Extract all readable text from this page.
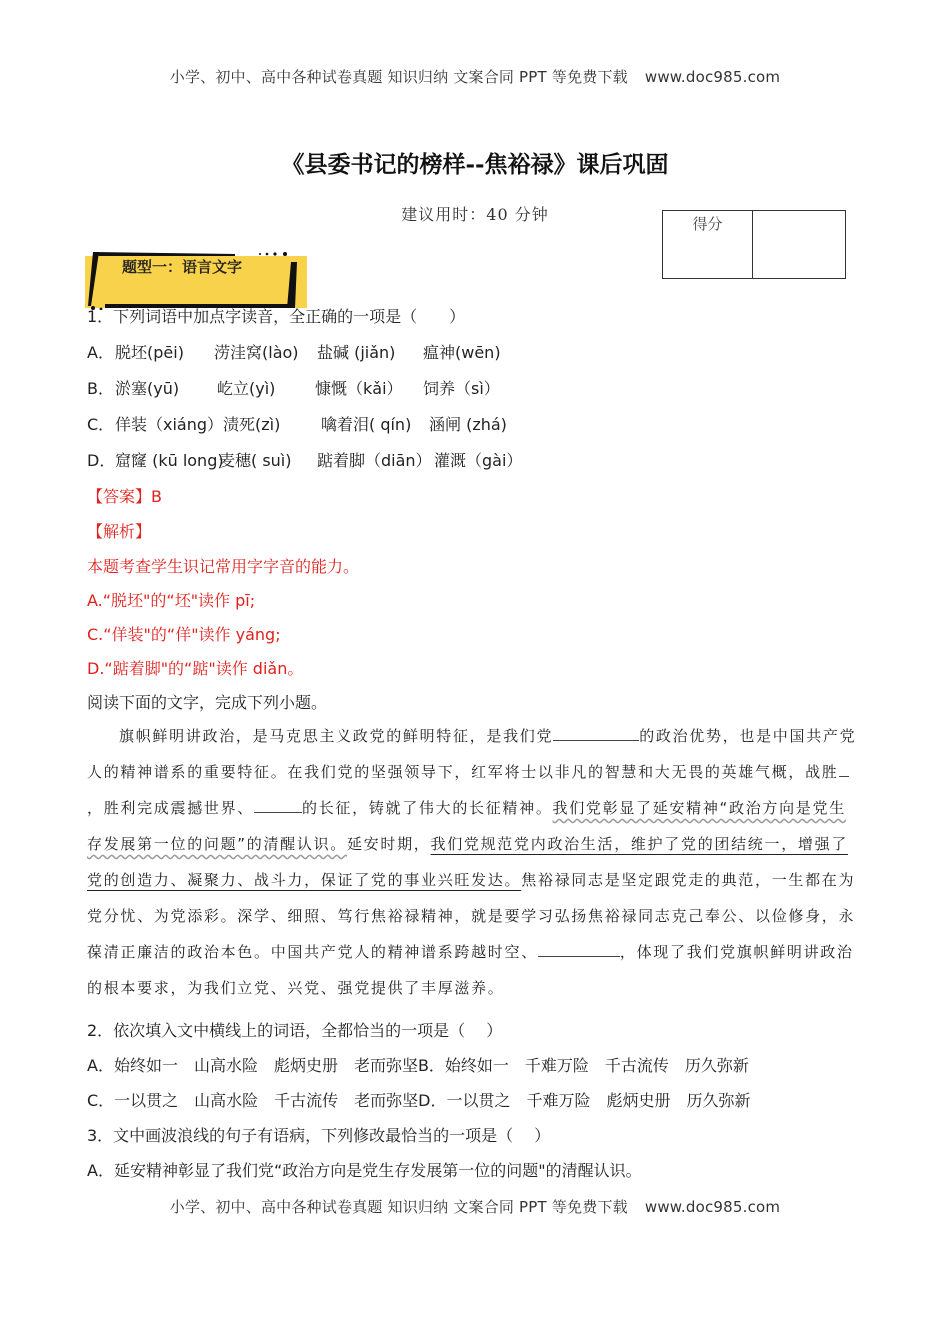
小学、初中、高中各种试卷真题 知识归纳 文案合同 PPT 等免费下载 www.doc985.com
《县委书记的榜样--焦裕禄》课后巩固
建议用时：40 分钟	得分
题型一：语言文字
1．下列词语中加点字读音，全正确的一项是（　　）
A．脱坯(pēi) 涝洼窝(lào) 盐碱 (jiǎn) 瘟神(wēn)
B．淤塞(yū) 屹立(yì) 慷慨（kǎi） 饲养（sì）
C．佯装（xiáng）渍死(zì)	噙着泪( qín) 涵闸 (zhá)
D．窟窿 (kū long)麦穗( suì) 踮着脚（diān） 灌溉（gài）
【答案】B
【解析】
本题考查学生识记常用字字音的能力。
A.“脱坯"的“坯"读作 pī;
C.“佯装"的“佯"读作 yáng;
D.“踮着脚"的“踮"读作 diǎn。
阅读下面的文字，完成下列小题。
旗帜鲜明讲政治，是马克思主义政党的鲜明特征，是我们党	的政治优势，也是中国共产党
人的精神谱系的重要特征。在我们党的坚强领导下，红军将士以非凡的智慧和大无畏的英雄气概，战胜
，胜利完成震撼世界、	的长征，铸就了伟大的长征精神。我们党彰显了延安精神“政治方向是党生
存发展第一位的问题”的清醒认识。延安时期，我们党规范党内政治生活，维护了党的团结统一，增强了
党的创造力、凝聚力、战斗力，保证了党的事业兴旺发达。焦裕禄同志是坚定跟党走的典范，一生都在为
党分忧、为党添彩。深学、细照、笃行焦裕禄精神，就是要学习弘扬焦裕禄同志克己奉公、以俭修身，永
葆清正廉洁的政治本色。中国共产党人的精神谱系跨越时空、	，体现了我们党旗帜鲜明讲政治
的根本要求，为我们立党、兴党、强党提供了丰厚滋养。
2．依次填入文中横线上的词语，全都恰当的一项是（　 ）
A．始终如一　山高水险　彪炳史册　老而弥坚B．始终如一　千难万险　千古流传　历久弥新
C．一以贯之　山高水险　千古流传　老而弥坚D．一以贯之　千难万险　彪炳史册　历久弥新
3．文中画波浪线的句子有语病，下列修改最恰当的一项是（　 ）
A．延安精神彰显了我们党“政治方向是党生存发展第一位的问题"的清醒认识。
小学、初中、高中各种试卷真题 知识归纳 文案合同 PPT 等免费下载 www.doc985.com
